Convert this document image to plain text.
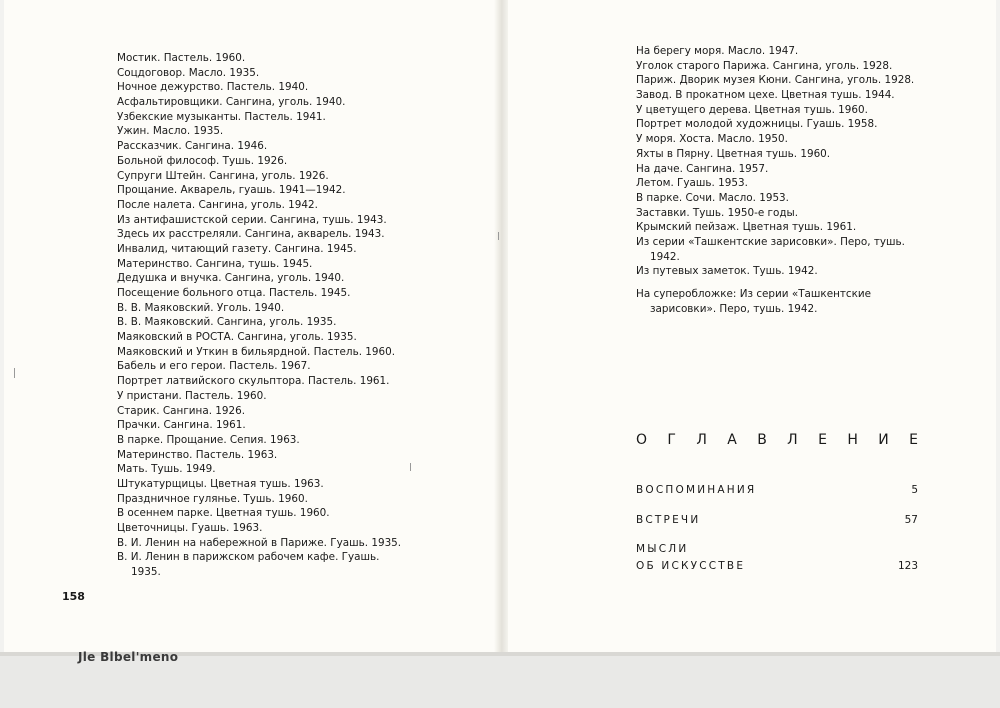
Jle Blbel'meno
Мостик. Пастель. 1960.
Соцдоговор. Масло. 1935.
Ночное дежурство. Пастель. 1940.
Асфальтировщики. Сангина, уголь. 1940.
Узбекские музыканты. Пастель. 1941.
Ужин. Масло. 1935.
Рассказчик. Сангина. 1946.
Больной философ. Тушь. 1926.
Супруги Штейн. Сангина, уголь. 1926.
Прощание. Акварель, гуашь. 1941—1942.
После налета. Сангина, уголь. 1942.
Из антифашистской серии. Сангина, тушь. 1943.
Здесь их расстреляли. Сангина, акварель. 1943.
Инвалид, читающий газету. Сангина. 1945.
Материнство. Сангина, тушь. 1945.
Дедушка и внучка. Сангина, уголь. 1940.
Посещение больного отца. Пастель. 1945.
В. В. Маяковский. Уголь. 1940.
В. В. Маяковский. Сангина, уголь. 1935.
Маяковский в РОСТА. Сангина, уголь. 1935.
Маяковский и Уткин в бильярдной. Пастель. 1960.
Бабель и его герои. Пастель. 1967.
Портрет латвийского скульптора. Пастель. 1961.
У пристани. Пастель. 1960.
Старик. Сангина. 1926.
Прачки. Сангина. 1961.
В парке. Прощание. Сепия. 1963.
Материнство. Пастель. 1963.
Мать. Тушь. 1949.
Штукатурщицы. Цветная тушь. 1963.
Праздничное гулянье. Тушь. 1960.
В осеннем парке. Цветная тушь. 1960.
Цветочницы. Гуашь. 1963.
В. И. Ленин на набережной в Париже. Гуашь. 1935.
В. И. Ленин в парижском рабочем кафе. Гуашь.
1935.
158
На берегу моря. Масло. 1947.
Уголок старого Парижа. Сангина, уголь. 1928.
Париж. Дворик музея Кюни. Сангина, уголь. 1928.
Завод. В прокатном цехе. Цветная тушь. 1944.
У цветущего дерева. Цветная тушь. 1960.
Портрет молодой художницы. Гуашь. 1958.
У моря. Хоста. Масло. 1950.
Яхты в Пярну. Цветная тушь. 1960.
На даче. Сангина. 1957.
Летом. Гуашь. 1953.
В парке. Сочи. Масло. 1953.
Заставки. Тушь. 1950-е годы.
Крымский пейзаж. Цветная тушь. 1961.
Из серии «Ташкентские зарисовки». Перо, тушь.
1942.
Из путевых заметок. Тушь. 1942.
На суперобложке: Из серии «Ташкентские
зарисовки». Перо, тушь. 1942.
О Г Л А В Л Е Н И Е
ВОСПОМИНАНИЯ	5
ВСТРЕЧИ	57
МЫСЛИ
ОБ ИСКУССТВЕ	123
